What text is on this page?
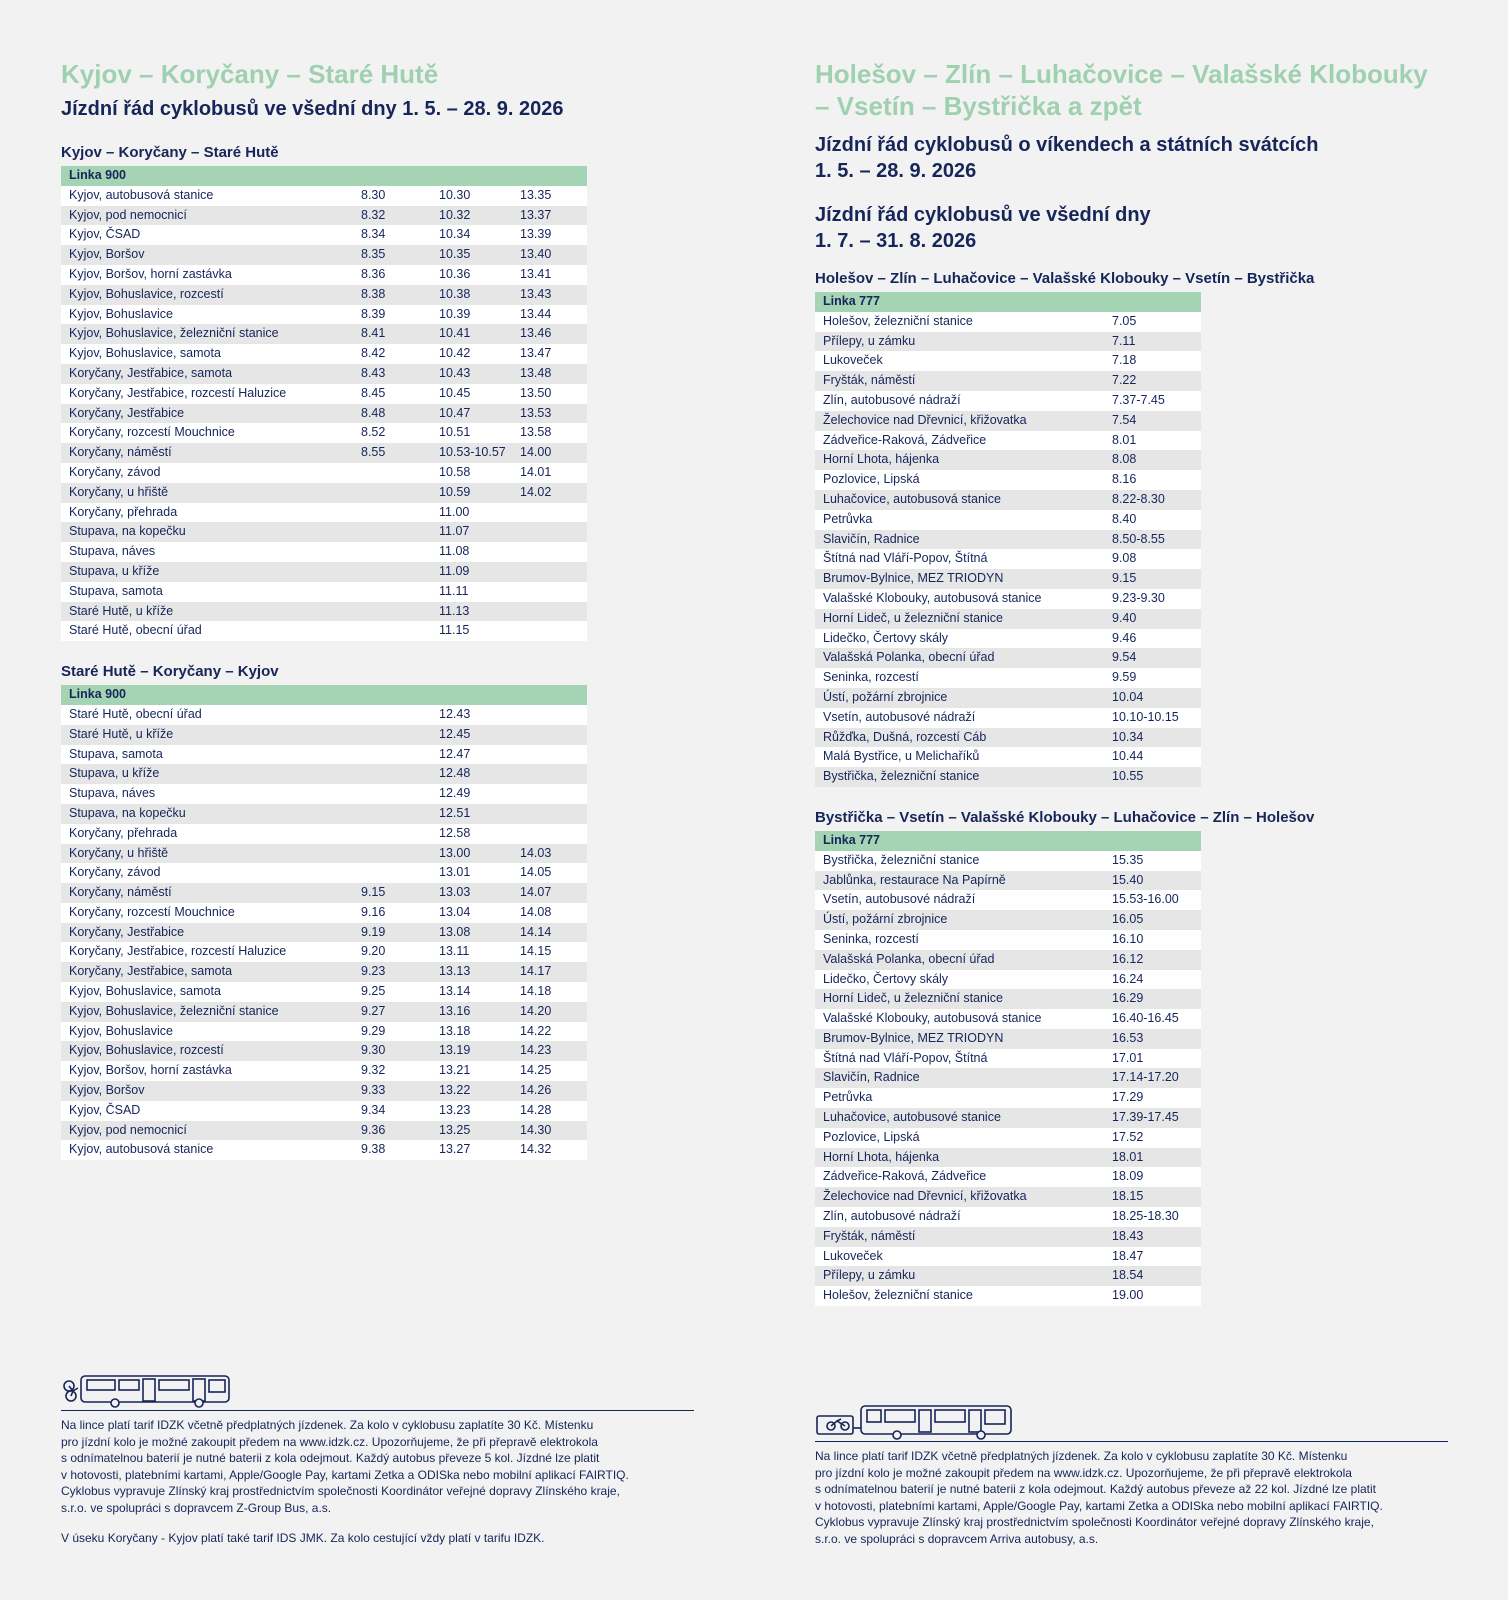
Kyjov – Koryčany – Staré Hutě
Jízdní řád cyklobusů ve všední dny 1. 5. – 28. 9. 2026
Kyjov – Koryčany – Staré Hutě
Linka 900			
Kyjov, autobusová stanice	8.30	10.30	13.35
Kyjov, pod nemocnicí	8.32	10.32	13.37
Kyjov, ČSAD	8.34	10.34	13.39
Kyjov, Boršov	8.35	10.35	13.40
Kyjov, Boršov, horní zastávka	8.36	10.36	13.41
Kyjov, Bohuslavice, rozcestí	8.38	10.38	13.43
Kyjov, Bohuslavice	8.39	10.39	13.44
Kyjov, Bohuslavice, železniční stanice	8.41	10.41	13.46
Kyjov, Bohuslavice, samota	8.42	10.42	13.47
Koryčany, Jestřabice, samota	8.43	10.43	13.48
Koryčany, Jestřabice, rozcestí Haluzice	8.45	10.45	13.50
Koryčany, Jestřabice	8.48	10.47	13.53
Koryčany, rozcestí Mouchnice	8.52	10.51	13.58
Koryčany, náměstí	8.55	10.53-10.57	14.00
Koryčany, závod		10.58	14.01
Koryčany, u hřiště		10.59	14.02
Koryčany, přehrada		11.00	
Stupava, na kopečku		11.07	
Stupava, náves		11.08	
Stupava, u kříže		11.09	
Stupava, samota		11.11	
Staré Hutě, u kříže		11.13	
Staré Hutě, obecní úřad		11.15	
Staré Hutě – Koryčany – Kyjov
Linka 900			
Staré Hutě, obecní úřad		12.43	
Staré Hutě, u kříže		12.45	
Stupava, samota		12.47	
Stupava, u kříže		12.48	
Stupava, náves		12.49	
Stupava, na kopečku		12.51	
Koryčany, přehrada		12.58	
Koryčany, u hřiště		13.00	14.03
Koryčany, závod		13.01	14.05
Koryčany, náměstí	9.15	13.03	14.07
Koryčany, rozcestí Mouchnice	9.16	13.04	14.08
Koryčany, Jestřabice	9.19	13.08	14.14
Koryčany, Jestřabice, rozcestí Haluzice	9.20	13.11	14.15
Koryčany, Jestřabice, samota	9.23	13.13	14.17
Kyjov, Bohuslavice, samota	9.25	13.14	14.18
Kyjov, Bohuslavice, železniční stanice	9.27	13.16	14.20
Kyjov, Bohuslavice	9.29	13.18	14.22
Kyjov, Bohuslavice, rozcestí	9.30	13.19	14.23
Kyjov, Boršov, horní zastávka	9.32	13.21	14.25
Kyjov, Boršov	9.33	13.22	14.26
Kyjov, ČSAD	9.34	13.23	14.28
Kyjov, pod nemocnicí	9.36	13.25	14.30
Kyjov, autobusová stanice	9.38	13.27	14.32

Na lince platí tarif IDZK včetně předplatných jízdenek. Za kolo v cyklobusu zaplatíte 30 Kč. Místenku

pro jízdní kolo je možné zakoupit předem na www.idzk.cz. Upozorňujeme, že při přepravě elektrokola

s odnímatelnou baterií je nutné baterii z kola odejmout. Každý autobus převeze 5 kol. Jízdné lze platit

v hotovosti, platebními kartami, Apple/Google Pay, kartami Zetka a ODISka nebo mobilní aplikací FAIRTIQ.

Cyklobus vypravuje Zlínský kraj prostřednictvím společnosti Koordinátor veřejné dopravy Zlínského kraje,

s.r.o. ve spolupráci s dopravcem Z-Group Bus, a.s.

V úseku Koryčany - Kyjov platí také tarif IDS JMK. Za kolo cestující vždy platí v tarifu IDZK.

Holešov – Zlín – Luhačovice – Valašské Klobouky
– Vsetín – Bystřička a zpět
Jízdní řád cyklobusů o víkendech a státních svátcích
1. 5. – 28. 9. 2026
Jízdní řád cyklobusů ve všední dny
1. 7. – 31. 8. 2026
Holešov – Zlín – Luhačovice – Valašské Klobouky – Vsetín – Bystřička
Linka 777	
Holešov, železniční stanice	7.05
Přílepy, u zámku	7.11
Lukoveček	7.18
Fryšták, náměstí	7.22
Zlín, autobusové nádraží	7.37-7.45
Želechovice nad Dřevnicí, křižovatka	7.54
Zádveřice-Raková, Zádveřice	8.01
Horní Lhota, hájenka	8.08
Pozlovice, Lipská	8.16
Luhačovice, autobusová stanice	8.22-8.30
Petrůvka	8.40
Slavičín, Radnice	8.50-8.55
Štítná nad Vláří-Popov, Štítná	9.08
Brumov-Bylnice, MEZ TRIODYN	9.15
Valašské Klobouky, autobusová stanice	9.23-9.30
Horní Lideč, u železniční stanice	9.40
Lidečko, Čertovy skály	9.46
Valašská Polanka, obecní úřad	9.54
Seninka, rozcestí	9.59
Ústí, požární zbrojnice	10.04
Vsetín, autobusové nádraží	10.10-10.15
Růžďka, Dušná, rozcestí Cáb	10.34
Malá Bystřice, u Melichaříků	10.44
Bystřička, železniční stanice	10.55
Bystřička – Vsetín – Valašské Klobouky – Luhačovice – Zlín – Holešov
Linka 777	
Bystřička, železniční stanice	15.35
Jablůnka, restaurace Na Papírně	15.40
Vsetín, autobusové nádraží	15.53-16.00
Ústí, požární zbrojnice	16.05
Seninka, rozcestí	16.10
Valašská Polanka, obecní úřad	16.12
Lidečko, Čertovy skály	16.24
Horní Lideč, u železniční stanice	16.29
Valašské Klobouky, autobusová stanice	16.40-16.45
Brumov-Bylnice, MEZ TRIODYN	16.53
Štítná nad Vláří-Popov, Štítná	17.01
Slavičín, Radnice	17.14-17.20
Petrůvka	17.29
Luhačovice, autobusové stanice	17.39-17.45
Pozlovice, Lipská	17.52
Horní Lhota, hájenka	18.01
Zádveřice-Raková, Zádveřice	18.09
Želechovice nad Dřevnicí, křižovatka	18.15
Zlín, autobusové nádraží	18.25-18.30
Fryšták, náměstí	18.43
Lukoveček	18.47
Přílepy, u zámku	18.54
Holešov, železniční stanice	19.00

Na lince platí tarif IDZK včetně předplatných jízdenek. Za kolo v cyklobusu zaplatíte 30 Kč. Místenku

pro jízdní kolo je možné zakoupit předem na www.idzk.cz. Upozorňujeme, že při přepravě elektrokola

s odnímatelnou baterií je nutné baterii z kola odejmout. Každý autobus převeze až 22 kol. Jízdné lze platit

v hotovosti, platebními kartami, Apple/Google Pay, kartami Zetka a ODISka nebo mobilní aplikací FAIRTIQ.

Cyklobus vypravuje Zlínský kraj prostřednictvím společnosti Koordinátor veřejné dopravy Zlínského kraje,

s.r.o. ve spolupráci s dopravcem Arriva autobusy, a.s.
